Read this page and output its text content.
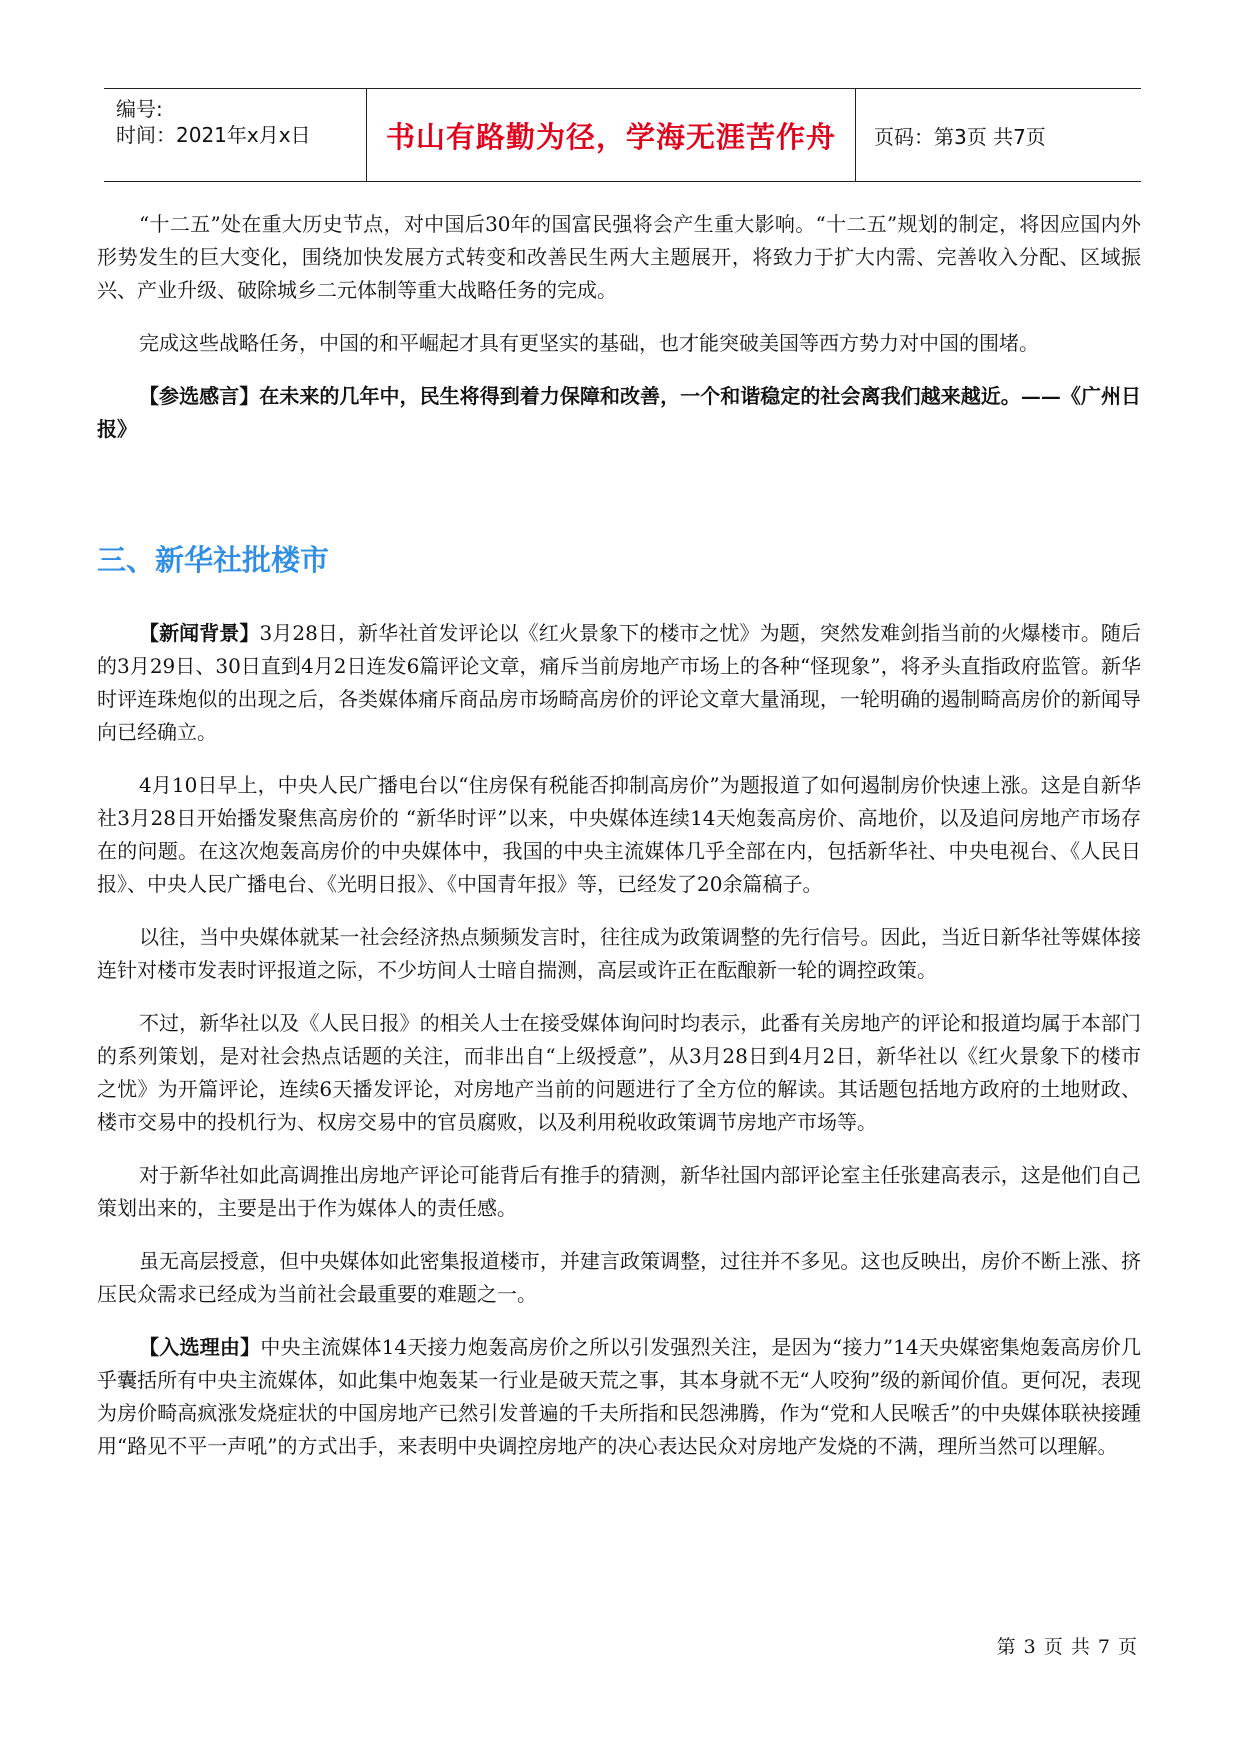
编号:
时间：2021年x月x日	书山有路勤为径，学海无涯苦作舟 页码：第3页 共7页

“十二五”处在重大历史节点，对中国后30年的国富民强将会产生重大影响。“十二五”规划的制定，将因应国内外形势发生的巨大变化，围绕加快发展方式转变和改善民生两大主题展开，将致力于扩大内需、完善收入分配、区域振兴、产业升级、破除城乡二元体制等重大战略任务的完成。

完成这些战略任务，中国的和平崛起才具有更坚实的基础，也才能突破美国等西方势力对中国的围堵。

【参选感言】在未来的几年中，民生将得到着力保障和改善，一个和谐稳定的社会离我们越来越近。——《广州日报》

三、新华社批楼市

【新闻背景】3月28日，新华社首发评论以《红火景象下的楼市之忧》为题，突然发难剑指当前的火爆楼市。随后的3月29日、30日直到4月2日连发6篇评论文章，痛斥当前房地产市场上的各种“怪现象”，将矛头直指政府监管。新华时评连珠炮似的出现之后，各类媒体痛斥商品房市场畸高房价的评论文章大量涌现，一轮明确的遏制畸高房价的新闻导向已经确立。

4月10日早上，中央人民广播电台以“住房保有税能否抑制高房价”为题报道了如何遏制房价快速上涨。这是自新华社3月28日开始播发聚焦高房价的 “新华时评”以来，中央媒体连续14天炮轰高房价、高地价，以及追问房地产市场存在的问题。在这次炮轰高房价的中央媒体中，我国的中央主流媒体几乎全部在内，包括新华社、中央电视台、《人民日报》、中央人民广播电台、《光明日报》、《中国青年报》等，已经发了20余篇稿子。

以往，当中央媒体就某一社会经济热点频频发言时，往往成为政策调整的先行信号。因此，当近日新华社等媒体接连针对楼市发表时评报道之际，不少坊间人士暗自揣测，高层或许正在酝酿新一轮的调控政策。

不过，新华社以及《人民日报》的相关人士在接受媒体询问时均表示，此番有关房地产的评论和报道均属于本部门的系列策划，是对社会热点话题的关注，而非出自“上级授意”，从3月28日到4月2日，新华社以《红火景象下的楼市之忧》为开篇评论，连续6天播发评论，对房地产当前的问题进行了全方位的解读。其话题包括地方政府的土地财政、楼市交易中的投机行为、权房交易中的官员腐败，以及利用税收政策调节房地产市场等。

对于新华社如此高调推出房地产评论可能背后有推手的猜测，新华社国内部评论室主任张建高表示，这是他们自己策划出来的，主要是出于作为媒体人的责任感。

虽无高层授意，但中央媒体如此密集报道楼市，并建言政策调整，过往并不多见。这也反映出，房价不断上涨、挤压民众需求已经成为当前社会最重要的难题之一。

【入选理由】中央主流媒体14天接力炮轰高房价之所以引发强烈关注，是因为“接力”14天央媒密集炮轰高房价几乎囊括所有中央主流媒体，如此集中炮轰某一行业是破天荒之事，其本身就不无“人咬狗”级的新闻价值。更何况，表现为房价畸高疯涨发烧症状的中国房地产已然引发普遍的千夫所指和民怨沸腾，作为“党和人民喉舌”的中央媒体联袂接踵用“路见不平一声吼”的方式出手，来表明中央调控房地产的决心表达民众对房地产发烧的不满，理所当然可以理解。

第 3 页 共 7 页
